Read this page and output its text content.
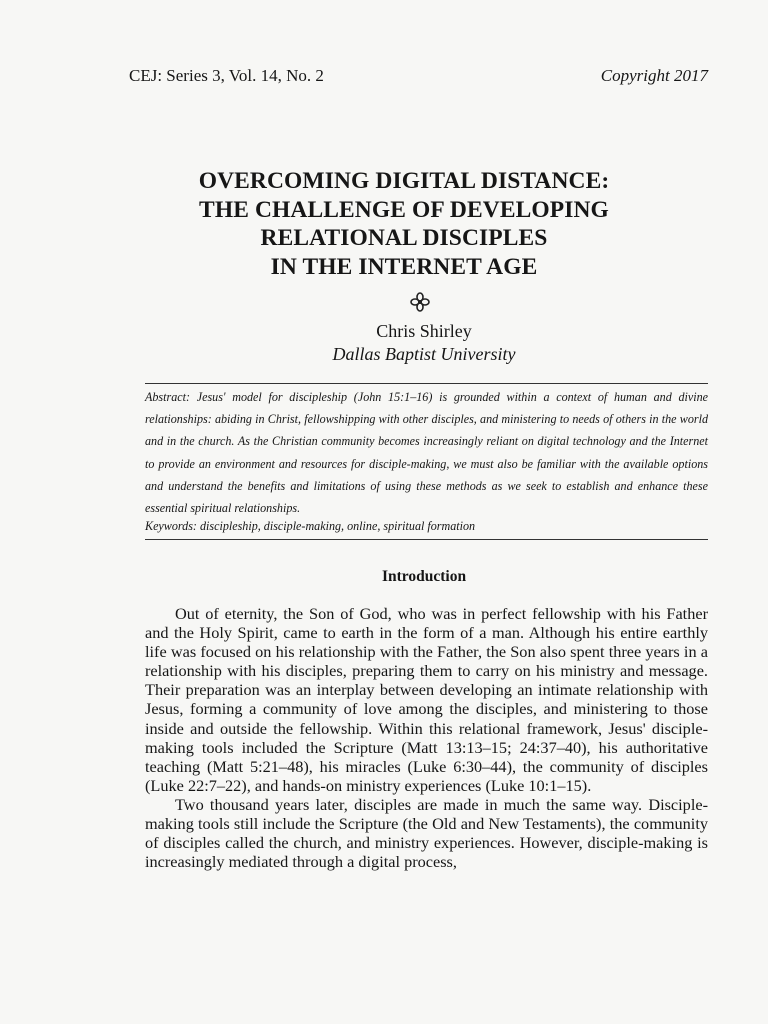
CEJ: Series 3, Vol. 14, No. 2	Copyright 2017
OVERCOMING DIGITAL DISTANCE:
THE CHALLENGE OF DEVELOPING
RELATIONAL DISCIPLES
IN THE INTERNET AGE
Chris Shirley
Dallas Baptist University
Abstract: Jesus' model for discipleship (John 15:1–16) is grounded within a context of human and divine relationships: abiding in Christ, fellowshipping with other disciples, and ministering to needs of others in the world and in the church. As the Christian community becomes increasingly reliant on digital technology and the Internet to provide an environment and resources for disciple-making, we must also be familiar with the available options and understand the benefits and limitations of using these methods as we seek to establish and enhance these essential spiritual relationships.
Keywords: discipleship, disciple-making, online, spiritual formation
Introduction

Out of eternity, the Son of God, who was in perfect fellowship with his Father and the Holy Spirit, came to earth in the form of a man. Although his entire earthly life was focused on his relationship with the Father, the Son also spent three years in a relationship with his disciples, preparing them to carry on his ministry and message. Their preparation was an interplay between developing an intimate relationship with Jesus, forming a community of love among the disciples, and ministering to those inside and outside the fellowship. Within this relational framework, Jesus' disciple-making tools included the Scripture (Matt 13:13–15; 24:37–40), his authoritative teaching (Matt 5:21–48), his miracles (Luke 6:30–44), the community of disciples (Luke 22:7–22), and hands-on ministry experiences (Luke 10:1–15).

Two thousand years later, disciples are made in much the same way. Disciple-making tools still include the Scripture (the Old and New Testaments), the community of disciples called the church, and ministry experiences. However, disciple-making is increasingly mediated through a digital process,
